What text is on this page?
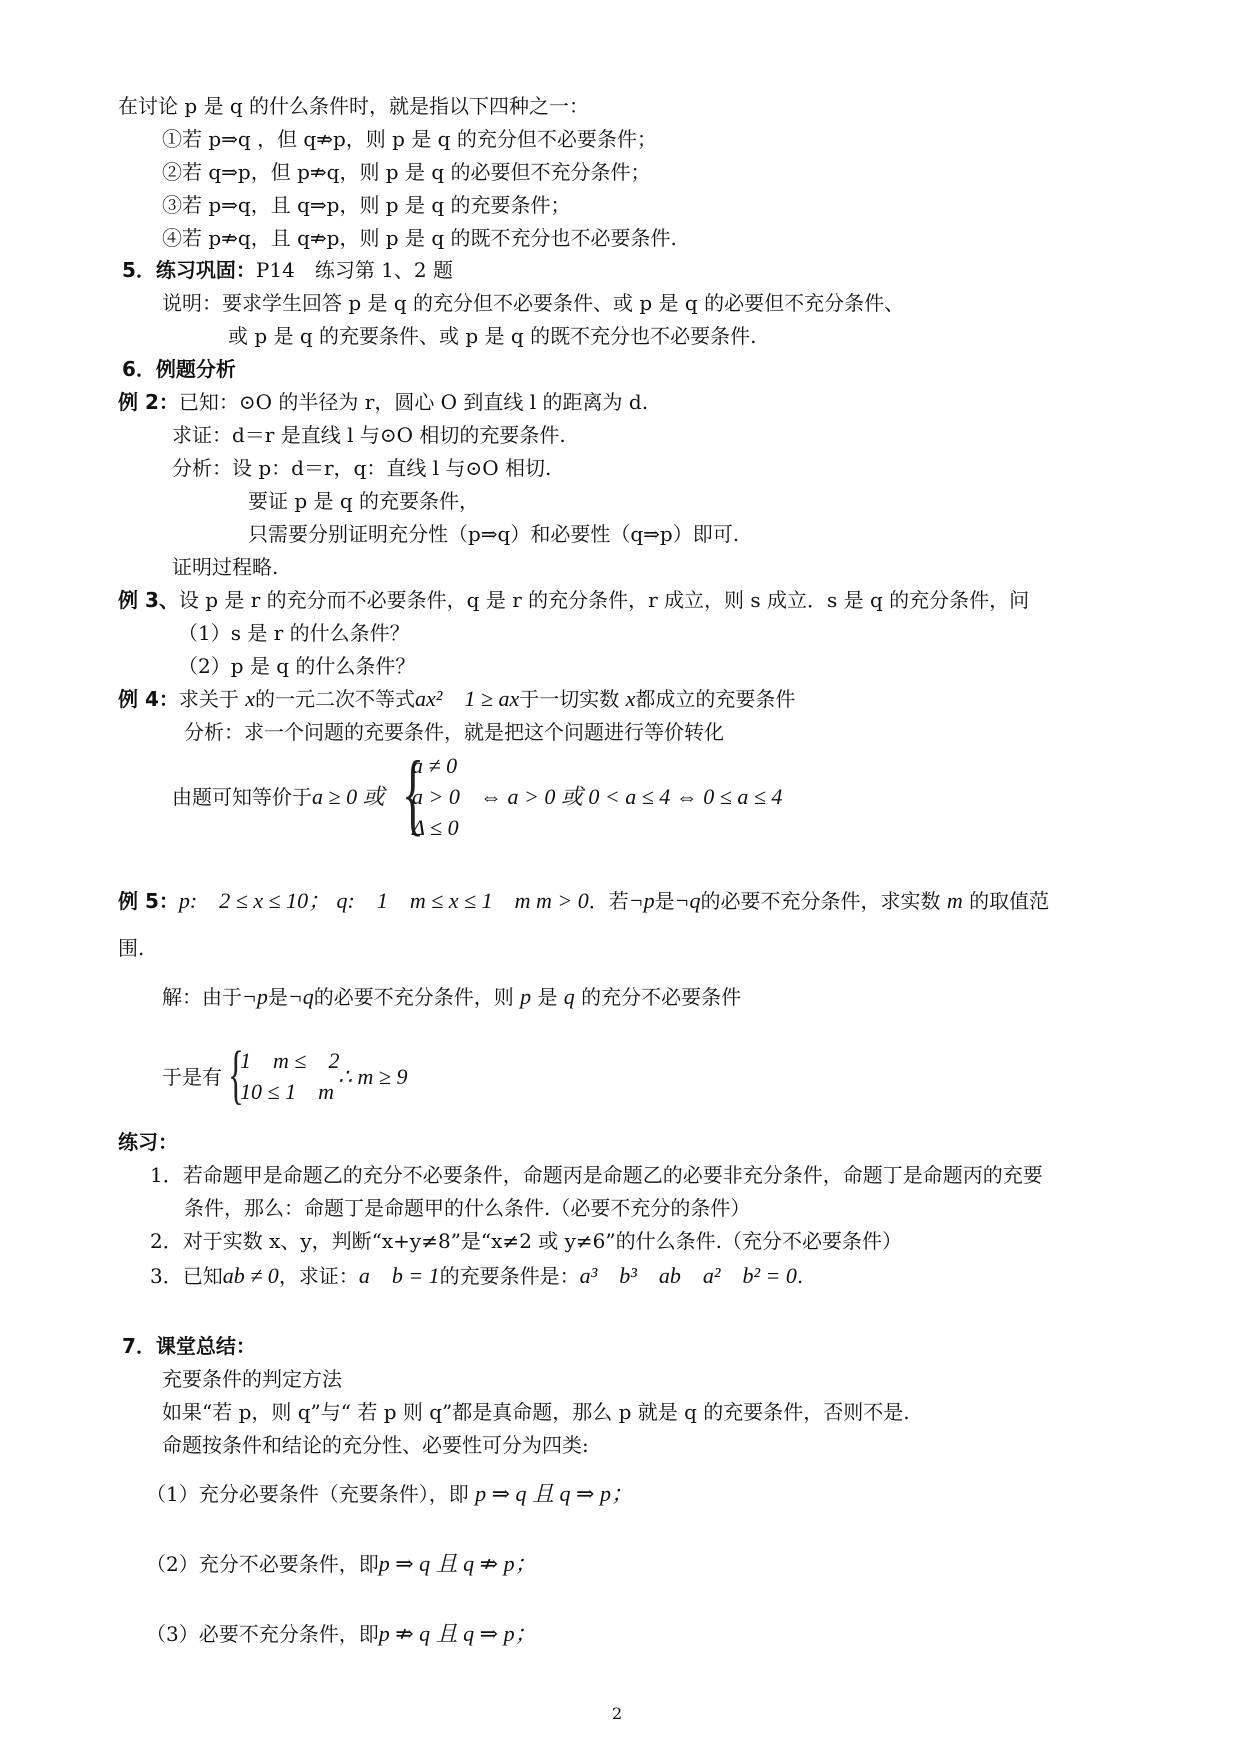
在讨论 p 是 q 的什么条件时，就是指以下四种之一：
①若 p⇒q ，但 q⇏p，则 p 是 q 的充分但不必要条件；
②若 q⇒p，但 p⇏q，则 p 是 q 的必要但不充分条件；
③若 p⇒q，且 q⇒p，则 p 是 q 的充要条件；
④若 p⇏q，且 q⇏p，则 p 是 q 的既不充分也不必要条件.
5．练习巩固：P14　练习第 1、2 题
说明：要求学生回答 p 是 q 的充分但不必要条件、或 p 是 q 的必要但不充分条件、
或 p 是 q 的充要条件、或 p 是 q 的既不充分也不必要条件.
6．例题分析
例 2：已知：⊙O 的半径为 r，圆心 O 到直线 l 的距离为 d.
求证：d＝r 是直线 l 与⊙O 相切的充要条件.
分析：设 p：d＝r，q：直线 l 与⊙O 相切.
要证 p 是 q 的充要条件，
只需要分别证明充分性（p⇒q）和必要性（q⇒p）即可.
证明过程略.
例 3、设 p 是 r 的充分而不必要条件，q 是 r 的充分条件，r 成立，则 s 成立．s 是 q 的充分条件，问
（1）s 是 r 的什么条件？
（2）p 是 q 的什么条件？
例 4：求关于 x的一元二次不等式ax²　1 ≥ ax于一切实数 x都成立的充要条件
分析：求一个问题的充要条件，就是把这个问题进行等价转化
由题可知等价于a ≥ 0 或 {
a ≠ 0
a > 0
Δ ≤ 0
⇔ a > 0 或 0 < a ≤ 4 ⇔ 0 ≤ a ≤ 4
例 5：p:　2 ≤ x ≤ 10； q:　1　m ≤ x ≤ 1　m m > 0．若¬p是¬q的必要不充分条件，求实数 m 的取值范
围.
解：由于¬p是¬q的必要不充分条件，则 p 是 q 的充分不必要条件
于是有 {
1　m ≤　2
10 ≤ 1　m
∴ m ≥ 9
练习：
1．若命题甲是命题乙的充分不必要条件，命题丙是命题乙的必要非充分条件，命题丁是命题丙的充要
条件，那么：命题丁是命题甲的什么条件.（必要不充分的条件）
2．对于实数 x、y，判断“x+y≠8”是“x≠2 或 y≠6”的什么条件.（充分不必要条件）
3．已知ab ≠ 0，求证：a　b = 1的充要条件是：a³　b³　ab　a²　b² = 0.
7．课堂总结：
充要条件的判定方法
如果“若 p，则 q”与“ 若 p 则 q”都是真命题，那么 p 就是 q 的充要条件，否则不是.
命题按条件和结论的充分性、必要性可分为四类:
（1）充分必要条件（充要条件），即 p ⇒ q 且 q ⇒ p；
（2）充分不必要条件，即p ⇒ q 且 q ⇏ p；
（3）必要不充分条件，即p ⇏ q 且 q ⇒ p；
2
